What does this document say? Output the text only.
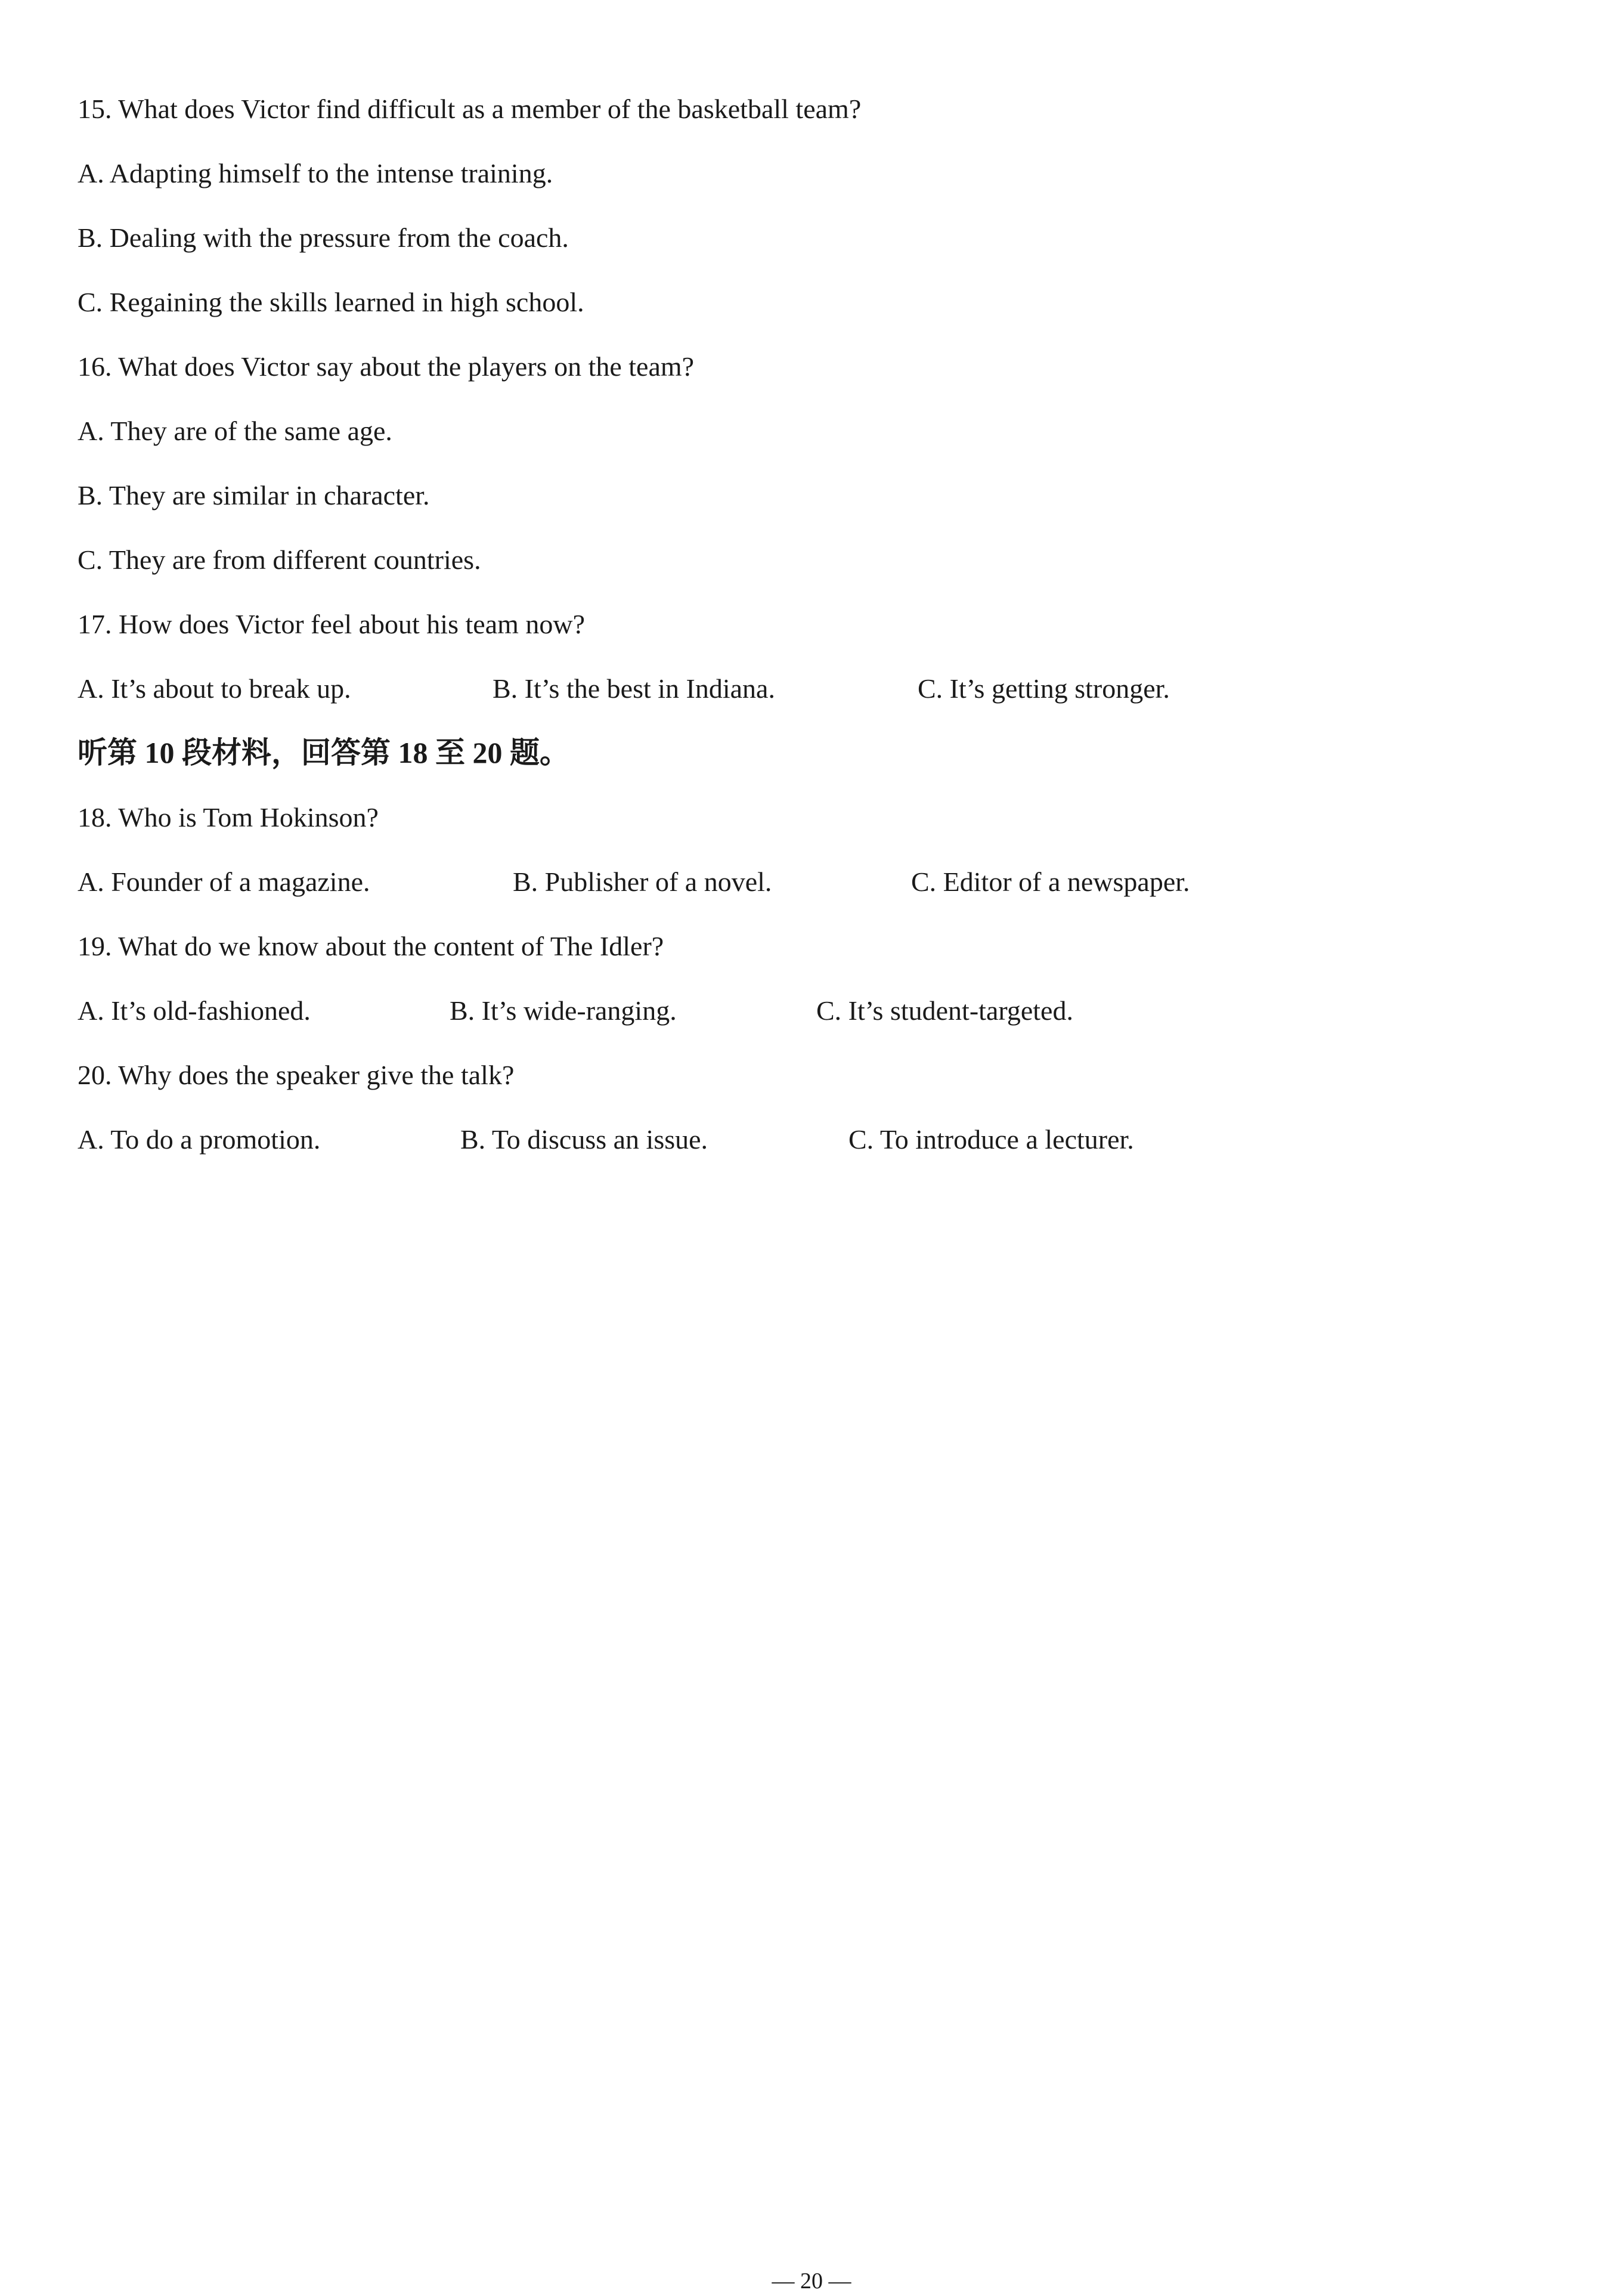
15. What does Victor find difficult as a member of the basketball team?
A. Adapting himself to the intense training.
B. Dealing with the pressure from the coach.
C. Regaining the skills learned in high school.
16. What does Victor say about the players on the team?
A. They are of the same age.
B. They are similar in character.
C. They are from different countries.
17. How does Victor feel about his team now?
A. It’s about to break up.	B. It’s the best in Indiana.	C. It’s getting stronger.
听第 10 段材料，回答第 18 至 20 题。
18. Who is Tom Hokinson?
A. Founder of a magazine.	B. Publisher of a novel.	C. Editor of a newspaper.
19. What do we know about the content of The Idler?
A. It’s old-fashioned.	B. It’s wide-ranging.	C. It’s student-targeted.
20. Why does the speaker give the talk?
A. To do a promotion.	B. To discuss an issue.	C. To introduce a lecturer.
— 20 —
